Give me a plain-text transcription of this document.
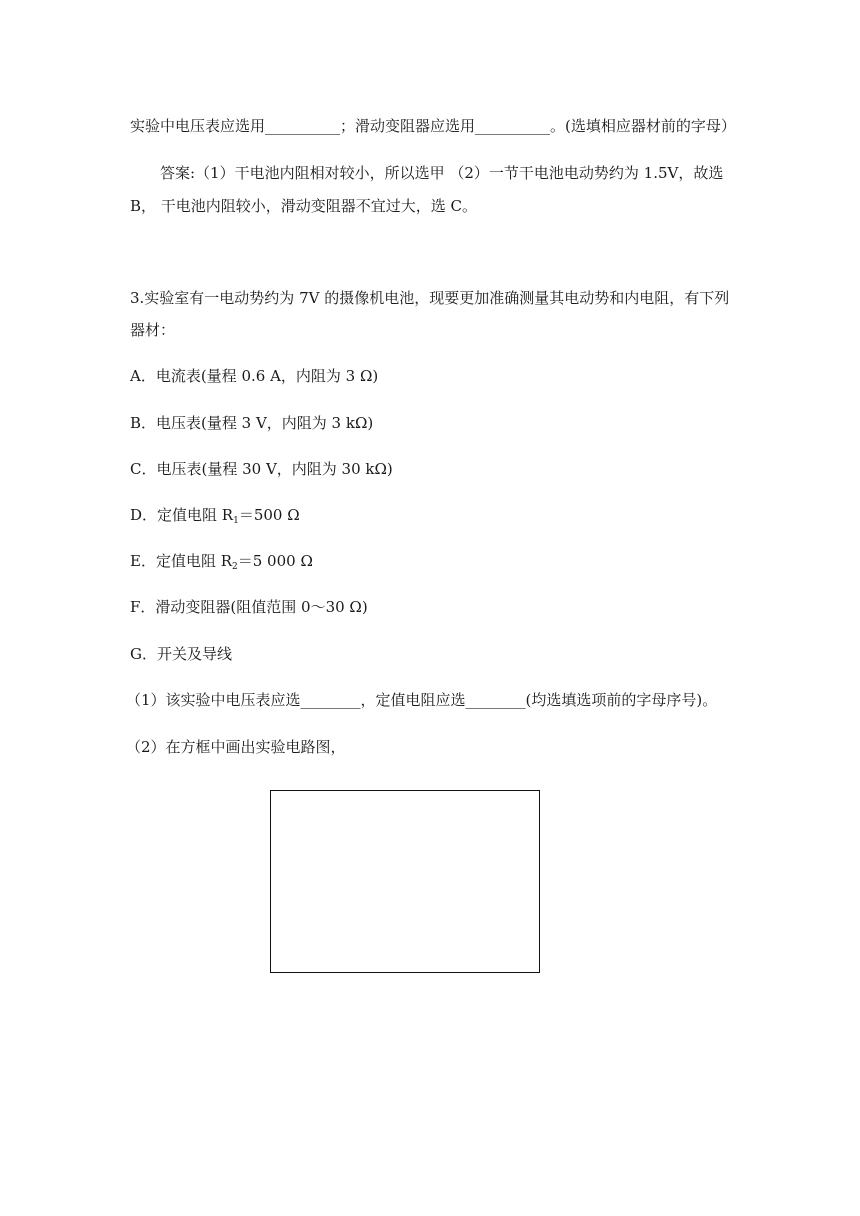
实验中电压表应选用__________；滑动变阻器应选用__________。(选填相应器材前的字母）
答案:（1）干电池内阻相对较小，所以选甲 （2）一节干电池电动势约为 1.5V，故选
B， 干电池内阻较小，滑动变阻器不宜过大，选 C。
3.实验室有一电动势约为 7V 的摄像机电池，现要更加准确测量其电动势和内电阻，有下列
器材：
A．电流表(量程 0.6 A，内阻为 3 Ω)
B．电压表(量程 3 V，内阻为 3 kΩ)
C．电压表(量程 30 V，内阻为 30 kΩ)
D．定值电阻 $R_1=500$ Ω
E．定值电阻 $R_2=5$ 000 Ω
F．滑动变阻器(阻值范围 0～30 Ω)
G．开关及导线
（1）该实验中电压表应选________，定值电阻应选________(均选填选项前的字母序号)。
（2）在方框中画出实验电路图，
